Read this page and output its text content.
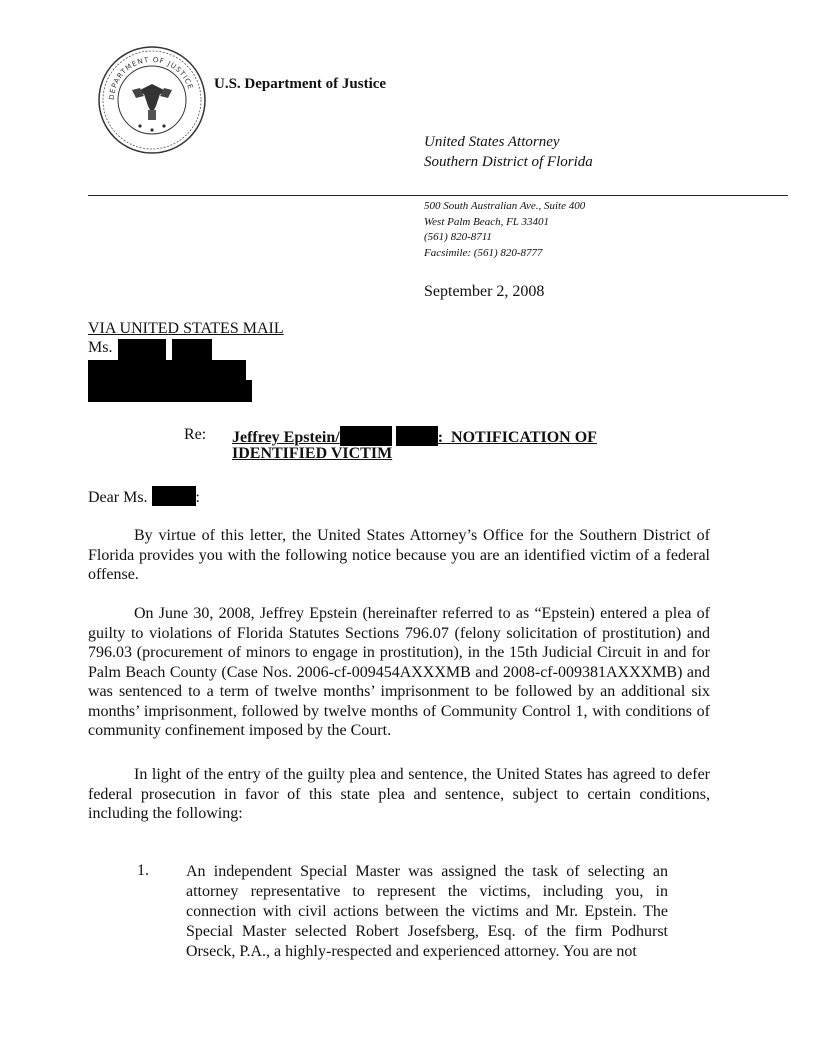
DEPARTMENT OF JUSTICE U.S. Department of Justice
United States Attorney
Southern District of Florida
500 South Australian Ave., Suite 400
West Palm Beach, FL 33401
(561) 820-8711
Facsimile: (561) 820-8777
September 2, 2008
VIA UNITED STATES MAIL
Ms.
Re: Jeffrey Epstein/	: NOTIFICATION OF
IDENTIFIED VICTIM
Dear Ms.	:

By virtue of this letter, the United States Attorney’s Office for the Southern District of Florida provides you with the following notice because you are an identified victim of a federal offense.

On June 30, 2008, Jeffrey Epstein (hereinafter referred to as “Epstein) entered a plea of guilty to violations of Florida Statutes Sections 796.07 (felony solicitation of prostitution) and 796.03 (procurement of minors to engage in prostitution), in the 15th Judicial Circuit in and for Palm Beach County (Case Nos. 2006-cf-009454AXXXMB and 2008-cf-009381AXXXMB) and was sentenced to a term of twelve months’ imprisonment to be followed by an additional six months’ imprisonment, followed by twelve months of Community Control 1, with conditions of community confinement imposed by the Court.

In light of the entry of the guilty plea and sentence, the United States has agreed to defer federal prosecution in favor of this state plea and sentence, subject to certain conditions, including the following:

1. An independent Special Master was assigned the task of selecting an attorney representative to represent the victims, including you, in connection with civil actions between the victims and Mr. Epstein. The Special Master selected Robert Josefsberg, Esq. of the firm Podhurst Orseck, P.A., a highly-respected and experienced attorney. You are not
